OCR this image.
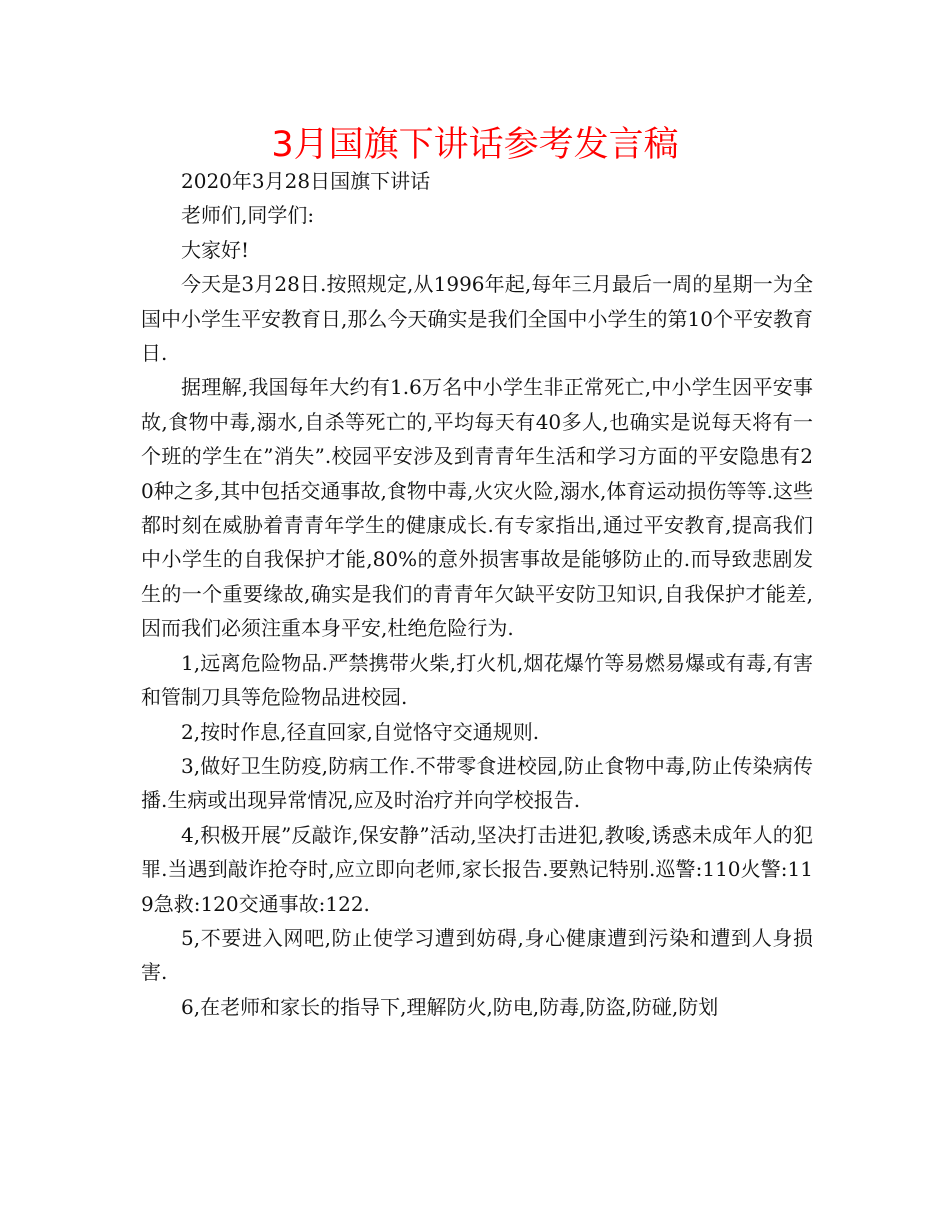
3月国旗下讲话参考发言稿

2020年3月28日国旗下讲话

老师们,同学们:

大家好!

今天是3月28日.按照规定,从1996年起,每年三月最后一周的星期一为全国中小学生平安教育日,那么今天确实是我们全国中小学生的第10个平安教育日.

据理解,我国每年大约有1.6万名中小学生非正常死亡,中小学生因平安事故,食物中毒,溺水,自杀等死亡的,平均每天有40多人,也确实是说每天将有一个班的学生在”消失”.校园平安涉及到青青年生活和学习方面的平安隐患有20种之多,其中包括交通事故,食物中毒,火灾火险,溺水,体育运动损伤等等.这些都时刻在威胁着青青年学生的健康成长.有专家指出,通过平安教育,提高我们中小学生的自我保护才能,80%的意外损害事故是能够防止的.而导致悲剧发生的一个重要缘故,确实是我们的青青年欠缺平安防卫知识,自我保护才能差,因而我们必须注重本身平安,杜绝危险行为.

1,远离危险物品.严禁携带火柴,打火机,烟花爆竹等易燃易爆或有毒,有害和管制刀具等危险物品进校园.

2,按时作息,径直回家,自觉恪守交通规则.

3,做好卫生防疫,防病工作.不带零食进校园,防止食物中毒,防止传染病传播.生病或出现异常情况,应及时治疗并向学校报告.

4,积极开展”反敲诈,保安静”活动,坚决打击进犯,教唆,诱惑未成年人的犯罪.当遇到敲诈抢夺时,应立即向老师,家长报告.要熟记特别.巡警:110火警:119急救:120交通事故:122.

5,不要进入网吧,防止使学习遭到妨碍,身心健康遭到污染和遭到人身损害.

6,在老师和家长的指导下,理解防火,防电,防毒,防盗,防碰,防划
